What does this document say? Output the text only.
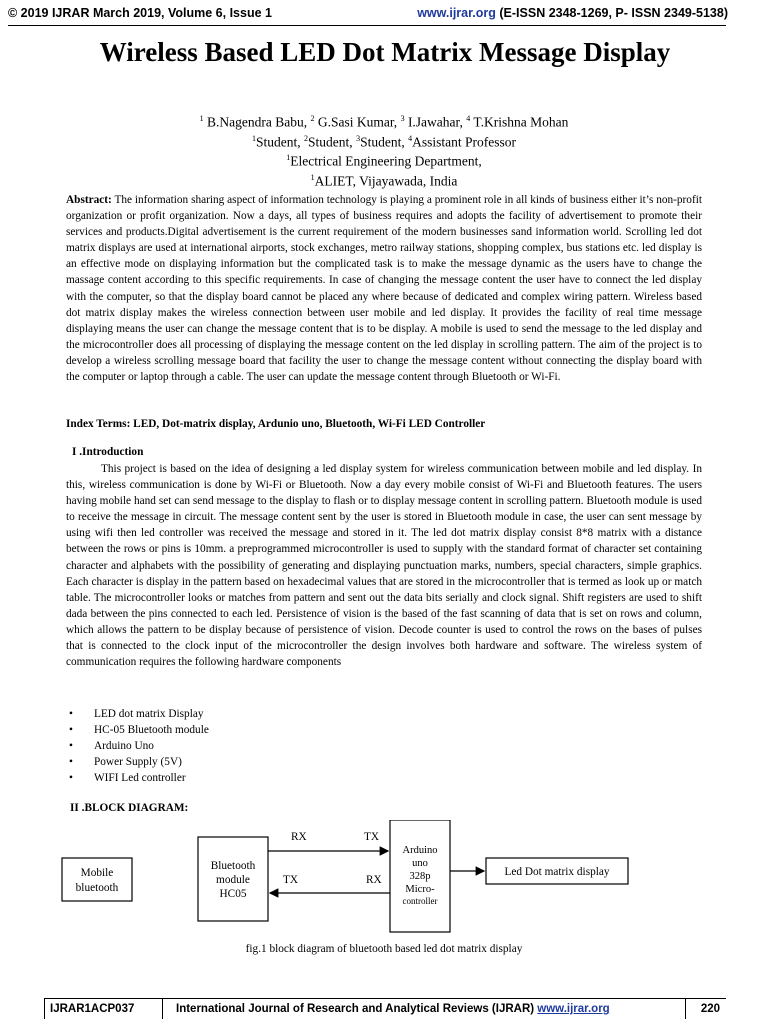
© 2019 IJRAR March 2019, Volume 6, Issue 1	www.ijrar.org (E-ISSN 2348-1269, P- ISSN 2349-5138)
Wireless Based LED Dot Matrix Message Display
$^1$ B.Nagendra Babu, $^2$ G.Sasi Kumar, $^3$ I.Jawahar, $^4$ T.Krishna Mohan
$^1$Student, $^2$Student, $^3$Student, $^4$Assistant Professor
$^1$Electrical Engineering Department,
$^1$ALIET, Vijayawada, India
Abstract: The information sharing aspect of information technology is playing a prominent role in all kinds of business either it’s non-profit organization or profit organization. Now a days, all types of business requires and adopts the facility of advertisement to promote their services and products.Digital advertisement is the current requirement of the modern businesses sand information world. Scrolling led dot matrix displays are used at international airports, stock exchanges, metro railway stations, shopping complex, bus stations etc. led display is an effective mode on displaying information but the complicated task is to make the message dynamic as the users have to change the massage content according to this specific requirements. In case of changing the message content the user have to connect the led display with the computer, so that the display board cannot be placed any where because of dedicated and complex wiring pattern. Wireless based dot matrix display makes the wireless connection between user mobile and led display. It provides the facility of real time message displaying means the user can change the message content that is to be display. A mobile is used to send the message to the led display and the microcontroller does all processing of displaying the message content on the led display in scrolling pattern. The aim of the project is to develop a wireless scrolling message board that facility the user to change the message content without connecting the display board with the computer or laptop through a cable. The user can update the message content through Bluetooth or Wi-Fi.
Index Terms: LED, Dot-matrix display, Ardunio uno, Bluetooth, Wi-Fi LED Controller
I .Introduction
This project is based on the idea of designing a led display system for wireless communication between mobile and led display. In this, wireless communication is done by Wi-Fi or Bluetooth. Now a day every mobile consist of Wi-Fi and Bluetooth features. The users having mobile hand set can send message to the display to flash or to display message content in scrolling pattern. Bluetooth module is used to receive the message in circuit. The message content sent by the user is stored in Bluetooth module in case, the user can sent message by using wifi then led controller was received the message and stored in it. The led dot matrix display consist 8*8 matrix with a distance between the rows or pins is 10mm. a preprogrammed microcontroller is used to supply with the standard format of character set containing character and alphabets with the possibility of generating and displaying punctuation marks, numbers, special characters, simple graphics. Each character is display in the pattern based on hexadecimal values that are stored in the microcontroller that is termed as look up or match table. The microcontroller looks or matches from pattern and sent out the data bits serially and clock signal. Shift registers are used to shift dada between the pins connected to each led. Persistence of vision is the based of the fast scanning of data that is set on rows and column, which allows the pattern to be display because of persistence of vision. Decode counter is used to control the rows on the bases of pulses that is connected to the clock input of the microcontroller the design involves both hardware and software. The wireless system of communication requires the following hardware components
• LED dot matrix Display
• HC-05 Bluetooth module
• Arduino Uno
• Power Supply (5V)
• WIFI Led controller
II .BLOCK DIAGRAM:
Mobile
bluetooth
Bluetooth
module
HC05
Arduino
uno
328p
Micro-
controller
Led Dot matrix display
RX	TX
TX	RX
fig.1 block diagram of bluetooth based led dot matrix display
IJRAR1ACP037	International Journal of Research and Analytical Reviews (IJRAR) www.ijrar.org	220
